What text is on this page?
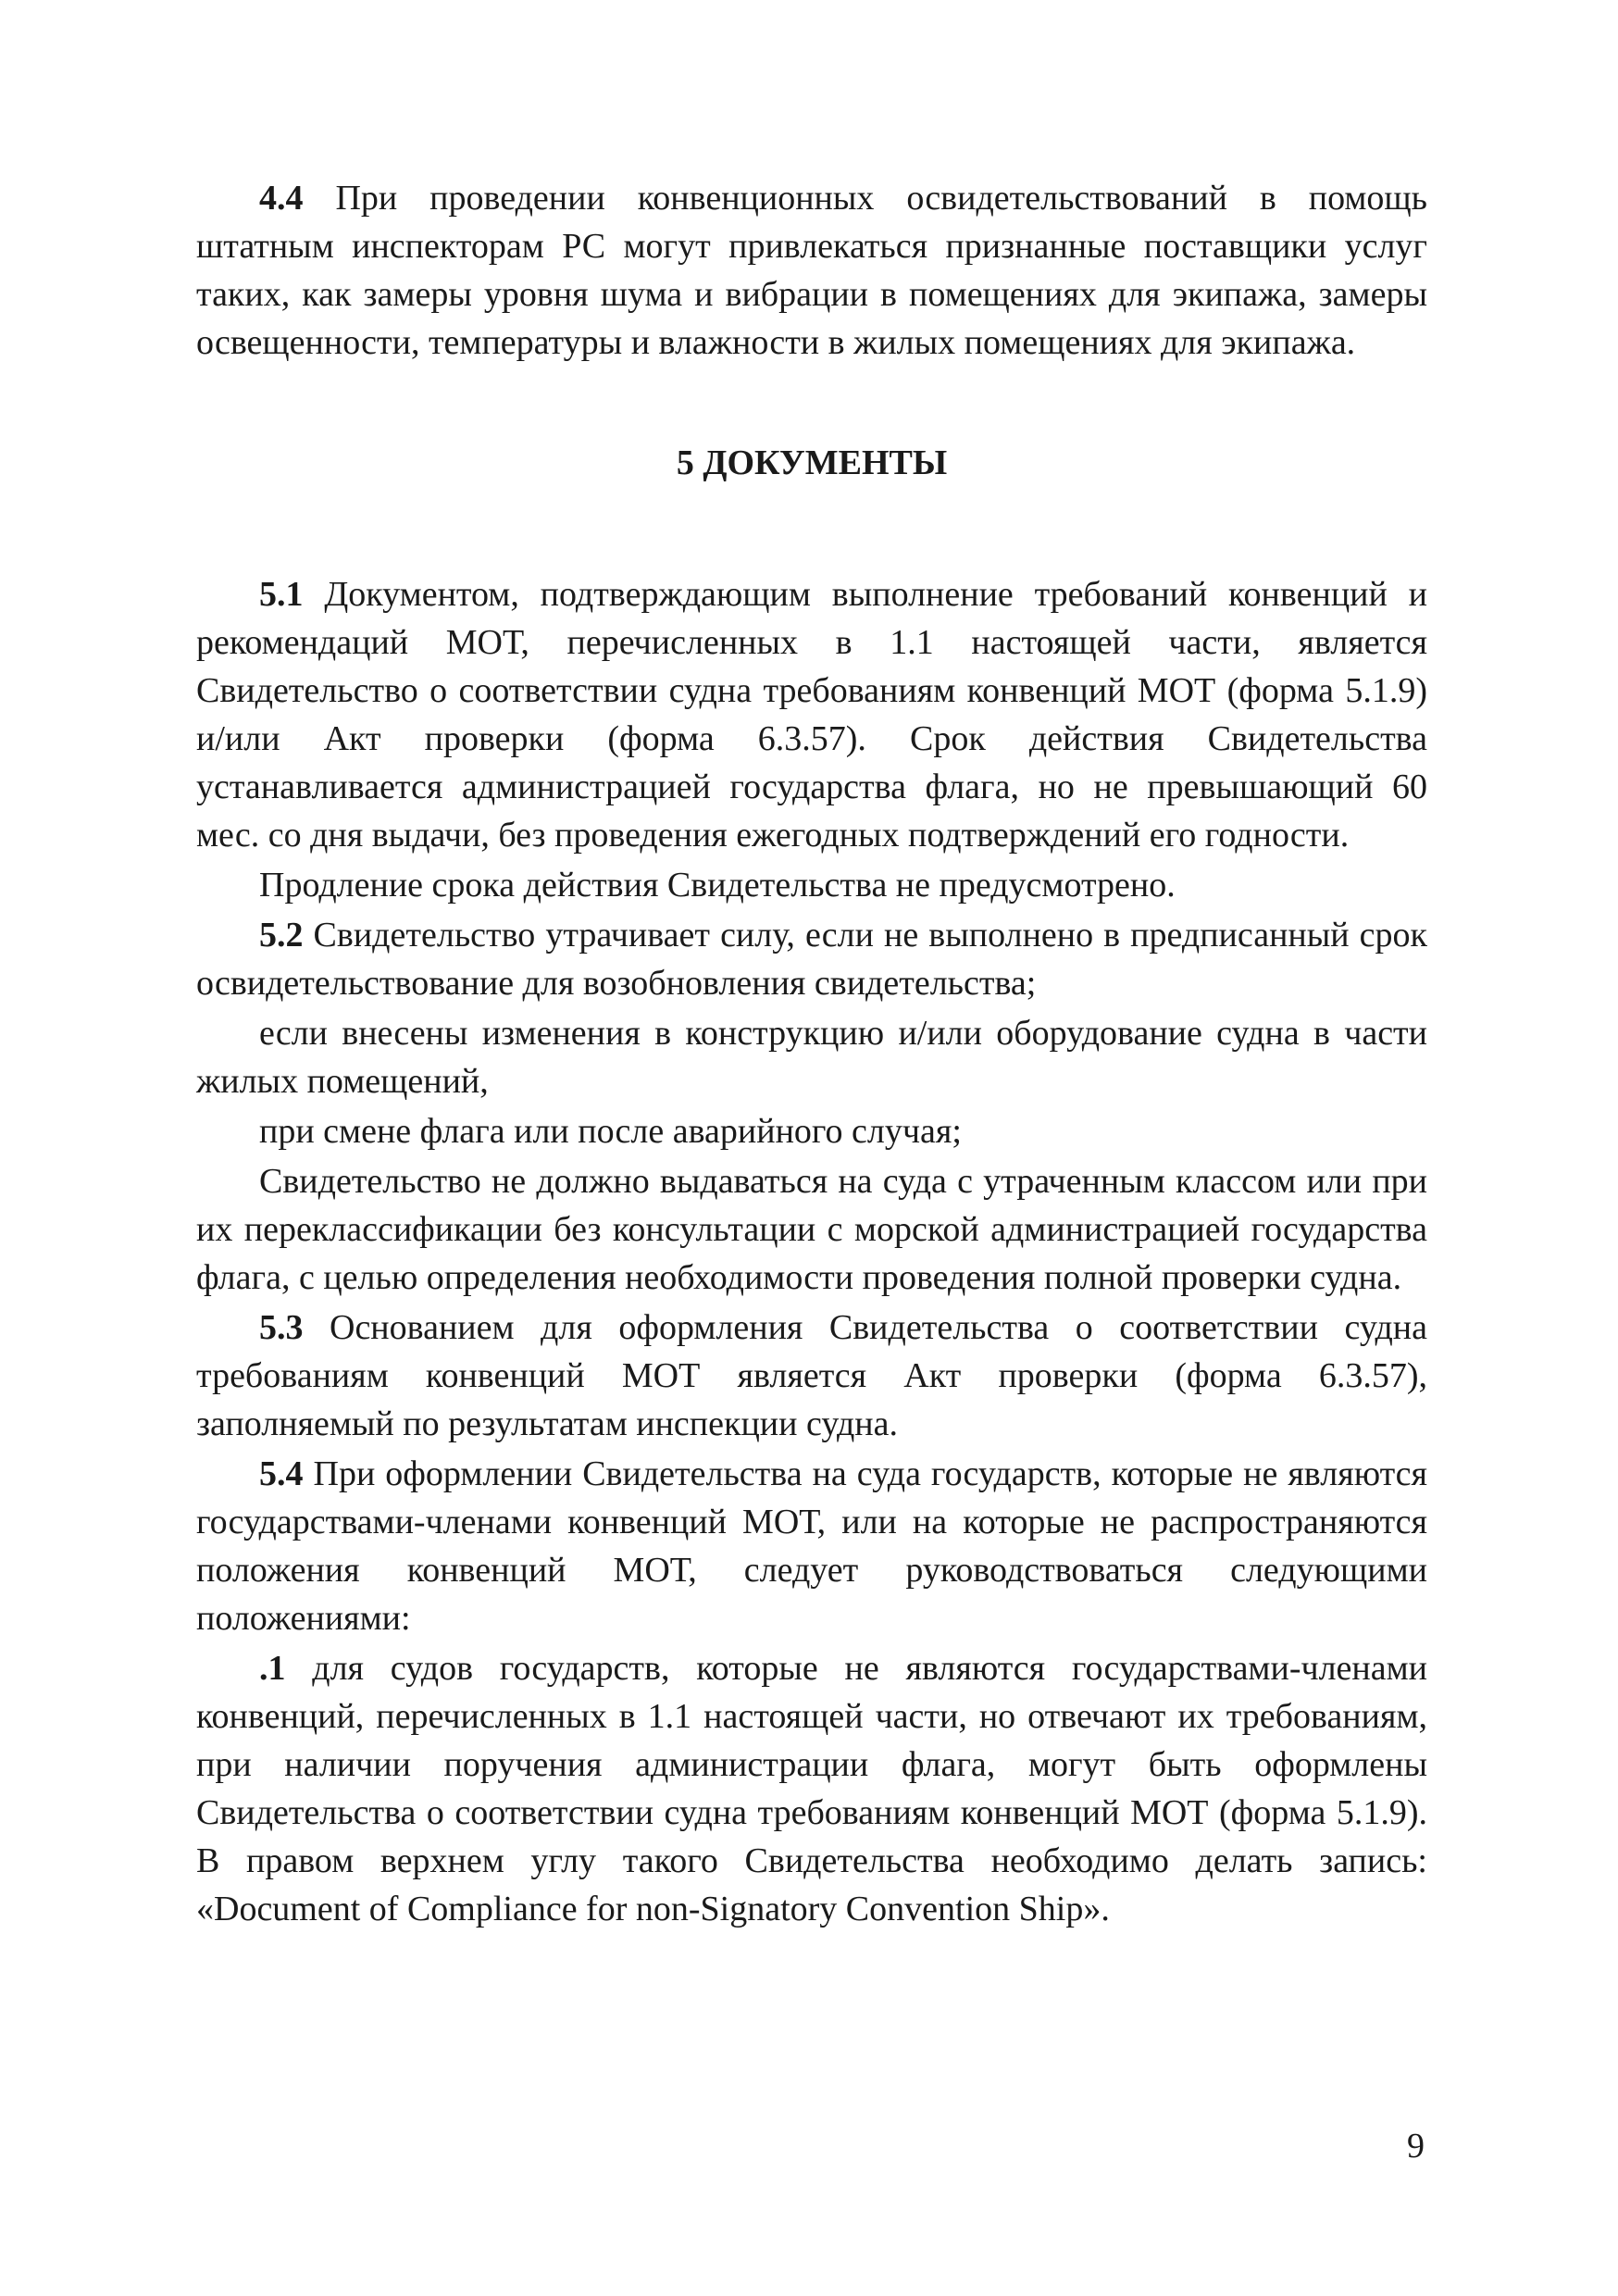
4.4 При проведении конвенционных освидетельствований в помощь штатным инспекторам РС могут привлекаться признанные поставщики услуг таких, как замеры уровня шума и вибрации в помещениях для экипажа, замеры освещенности, температуры и влажности в жилых помещениях для экипажа.

5 ДОКУМЕНТЫ

5.1 Документом, подтверждающим выполнение требований конвенций и рекомендаций МОТ, перечисленных в 1.1 настоящей части, является Свидетельство о соответствии судна требованиям конвенций МОТ (форма 5.1.9) и/или Акт проверки (форма 6.3.57). Срок действия Свидетельства устанавливается администрацией государства флага, но не превышающий 60 мес. со дня выдачи, без проведения ежегодных подтверждений его годности.

Продление срока действия Свидетельства не предусмотрено.

5.2 Свидетельство утрачивает силу, если не выполнено в предписанный срок освидетельствование для возобновления свидетельства;

если внесены изменения в конструкцию и/или оборудование судна в части жилых помещений,

при смене флага или после аварийного случая;

Свидетельство не должно выдаваться на суда с утраченным классом или при их переклассификации без консультации с морской администрацией государства флага, с целью определения необходимости проведения полной проверки судна.

5.3 Основанием для оформления Свидетельства о соответствии судна требованиям конвенций МОТ является Акт проверки (форма 6.3.57), заполняемый по результатам инспекции судна.

5.4 При оформлении Свидетельства на суда государств, которые не являются государствами-членами конвенций МОТ, или на которые не распространяются положения конвенций МОТ, следует руководствоваться следующими положениями:

.1 для судов государств, которые не являются государствами-членами конвенций, перечисленных в 1.1 настоящей части, но отвечают их требованиям, при наличии поручения администрации флага, могут быть оформлены Свидетельства о соответствии судна требованиям конвенций МОТ (форма 5.1.9). В правом верхнем углу такого Свидетельства необходимо делать запись: «Document of Compliance for non-Signatory Convention Ship».

9
